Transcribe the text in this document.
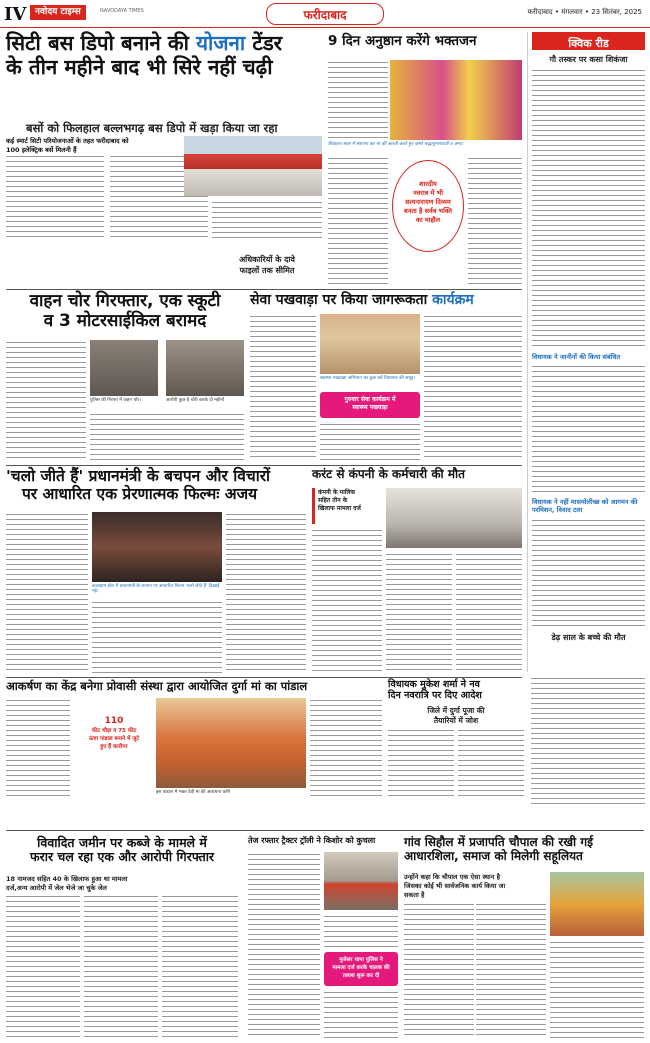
IV नवोदय टाइम्स	NAVODAYA TIMES	फरीदाबाद	फरीदाबाद • मंगलवार • 23 सितंबर, 2025
सिटी बस डिपो बनाने की योजना टेंडर
के तीन महीने बाद भी सिरे नहीं चढ़ी
बसों को फिलहाल बल्लभगढ़ बस डिपो में खड़ा किया जा रहा
कई स्मार्ट सिटी परियोजनाओं के तहत फरीदाबाद को
100 इलेक्ट्रिक बसें मिलनी हैं
अधिकारियों के दावे
फाइलों तक सीमित
9 दिन अनुष्ठान करेंगे भक्तजन
शिवालय स्थल में स्थापना कर मां की आरती करते हुए कमरे श्रद्धालुगणराजी व अन्य।
शारदीय
नवरात्र में भी
सत्यनारायण दिव्यम
बनता है सर्वत्र भक्ति
का माहौल
क्विक रीड
गौ तस्कर पर कसा शिकंजा
विधायक ने जानीनों की किया संबंधित
विधायक ने नहीं मासमोलीच्छ को आगमन की परमिशन, विवाद टला
डेढ़ साल के बच्चे की मौत
वाहन चोर गिरफ्तार, एक स्कूटी
व 3 मोटरसाईकिल बरामद
पुलिस की गिरफ्त में वाहन चोर।	आरोपी कुछ है चोरी करके दो महीनों
सेवा पखवाड़ा पर किया जागरूकता कार्यक्रम
स्वास्थ्य पखवाड़ा अभियान का कुछ करें विधायक की समूह।
गुरुवार सेवा कार्यक्रम में
स्वास्थ्य पखवाड़ा
'चलो जीते हैं' प्रधानमंत्री के बचपन और विचारों
पर आधारित एक प्रेरणात्मक फिल्मः अजय
कलाग्राम हॉल में प्रधानमंत्री के बचपन पर आधारित फिल्म 'चलो जीते हैं' दिखाई गई।
करंट से कंपनी के कर्मचारी की मौत
कंपनी के मालिक
सहित तीन के
खिलाफ मामला दर्ज
आकर्षण का केंद्र बनेगा प्रोवासी संस्था द्वारा आयोजित दुर्गा मां का पांडाल
110
फीट चौड़ा व 75 फीट
ऊंचा पांडाल बनाने में जुटे
हुए हैं कारीगर
इस पांडाल में भक्त देवी मां की आराधना करेंगे
विधायक मुकेश शर्मा ने नव
दिन नवरात्रि पर दिए आदेश
जिले में दुर्गा पूजा की
तैयारियों में जोश
विवादित जमीन पर कब्जे के मामले में
फरार चल रहा एक और आरोपी गिरफ्तार
18 नामजद सहित 40 के खिलाफ हुआ था मामला
दर्ज,अन्य आरोपी में जेल भेजे जा चुके जेल
तेज रफ्तार ट्रैक्टर ट्रॉली ने किशोर को कुचला
मुजेसर थाना पुलिस ने
मामला दर्ज करके चालक की
तलाश शुरू कर दी
गांव सिहौल में प्रजापति चौपाल की रखी गई
आधारशिला, समाज को मिलेगी सहूलियत
उन्होंने कहा कि चौपाल एक ऐसा स्थान है
जिसका कोई भी सार्वजनिक कार्य किया जा
सकता है
